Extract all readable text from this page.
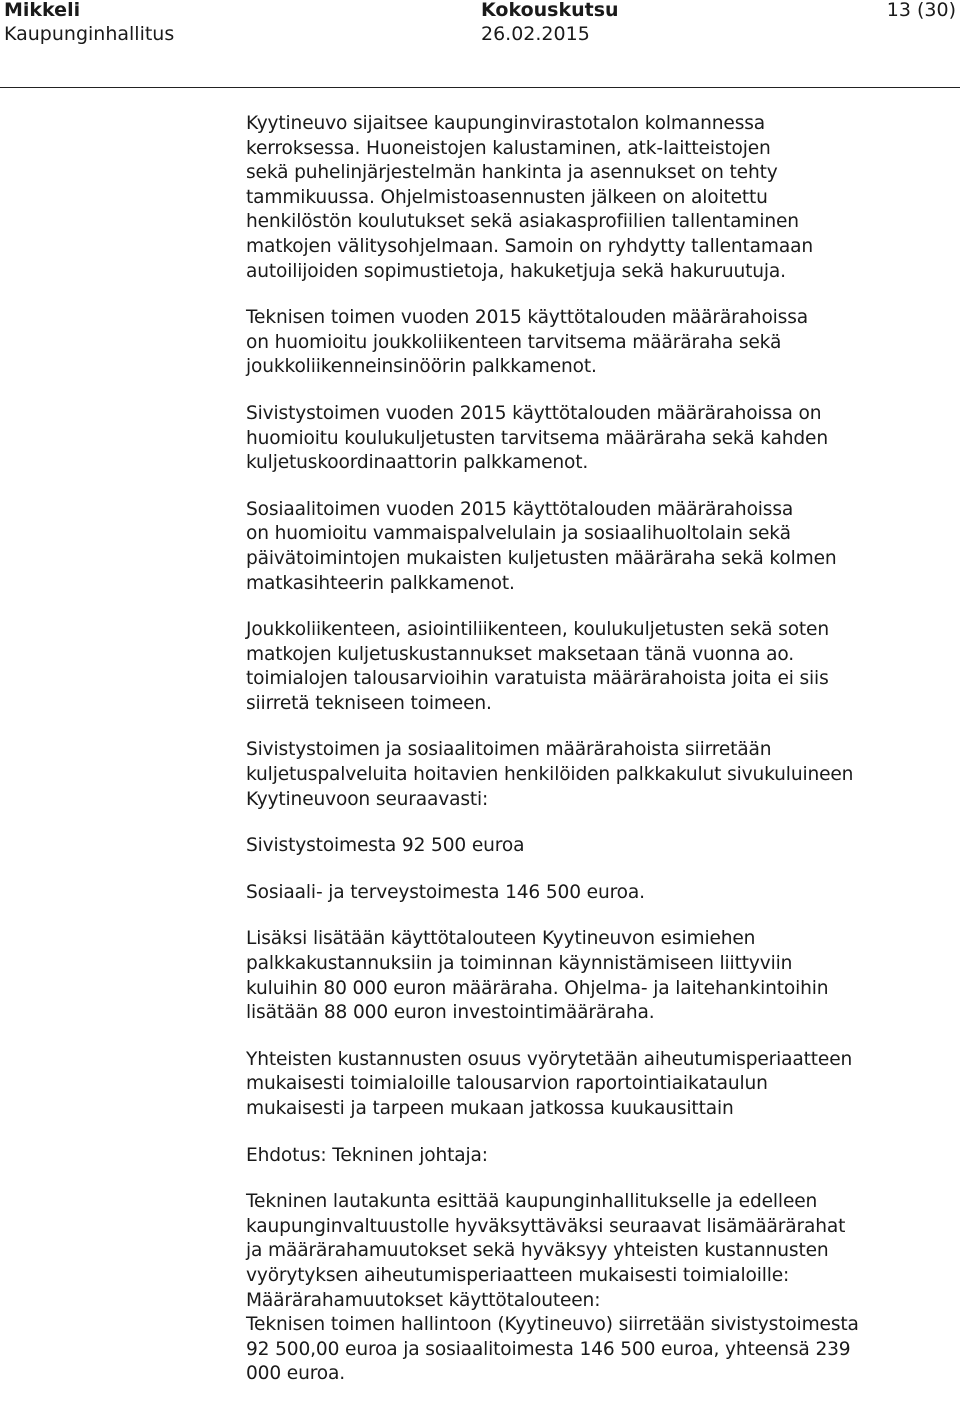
Mikkeli
Kaupunginhallitus
Kokouskutsu
26.02.2015
13 (30)

Kyytineuvo sijaitsee kaupunginvirastotalon kolmannessa
kerroksessa. Huoneistojen kalustaminen, atk-laitteistojen
sekä puhelinjärjestelmän hankinta ja asennukset on tehty
tammikuussa. Ohjelmistoasennusten jälkeen on aloitettu
henkilöstön koulutukset sekä asiakasprofiilien tallentaminen
matkojen välitysohjelmaan. Samoin on ryhdytty tallentamaan
autoilijoiden sopimustietoja, hakuketjuja sekä hakuruutuja.

Teknisen toimen vuoden 2015 käyttötalouden määrärahoissa
on huomioitu joukkoliikenteen tarvitsema määräraha sekä
joukkoliikenneinsinöörin palkkamenot.

Sivistystoimen vuoden 2015 käyttötalouden määrärahoissa on
huomioitu koulukuljetusten tarvitsema määräraha sekä kahden
kuljetuskoordinaattorin palkkamenot.

Sosiaalitoimen vuoden 2015 käyttötalouden määrärahoissa
on huomioitu vammaispalvelulain ja sosiaalihuoltolain sekä
päivätoimintojen mukaisten kuljetusten määräraha sekä kolmen
matkasihteerin palkkamenot.

Joukkoliikenteen, asiointiliikenteen, koulukuljetusten sekä soten
matkojen kuljetuskustannukset maksetaan tänä vuonna ao.
toimialojen talousarvioihin varatuista määrärahoista joita ei siis
siirretä tekniseen toimeen.

Sivistystoimen ja sosiaalitoimen määrärahoista siirretään
kuljetuspalveluita hoitavien henkilöiden palkkakulut sivukuluineen
Kyytineuvoon seuraavasti:

Sivistystoimesta 92 500 euroa

Sosiaali- ja terveystoimesta 146 500 euroa.

Lisäksi lisätään käyttötalouteen Kyytineuvon esimiehen
palkkakustannuksiin ja toiminnan käynnistämiseen liittyviin
kuluihin 80 000 euron määräraha. Ohjelma- ja laitehankintoihin
lisätään 88 000 euron investointimääräraha.

Yhteisten kustannusten osuus vyörytetään aiheutumisperiaatteen
mukaisesti toimialoille talousarvion raportointiaikataulun
mukaisesti ja tarpeen mukaan jatkossa kuukausittain

Ehdotus: Tekninen johtaja:

Tekninen lautakunta esittää kaupunginhallitukselle ja edelleen
kaupunginvaltuustolle hyväksyttäväksi seuraavat lisämäärärahat
ja määrärahamuutokset sekä hyväksyy yhteisten kustannusten
vyörytyksen aiheutumisperiaatteen mukaisesti toimialoille:
Määrärahamuutokset käyttötalouteen:
Teknisen toimen hallintoon (Kyytineuvo) siirretään sivistystoimesta
92 500,00 euroa ja sosiaalitoimesta 146 500 euroa, yhteensä 239
000 euroa.
